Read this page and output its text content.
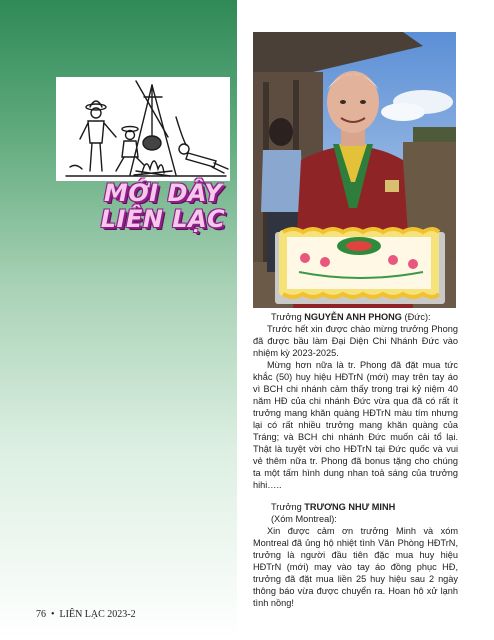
MỚI DÂY
LIÊN LẠC

Trưởng NGUYỄN ANH PHONG (Đức):

Trước hết xin được chào mừng trưởng Phong đã được bầu làm Đại Diện Chi Nhánh Đức vào nhiệm kỳ 2023-2025.

Mừng hơn nữa là tr. Phong đã đặt mua tức khắc (50) huy hiệu HĐTrN (mới) may trên tay áo vì BCH chi nhánh cảm thấy trong trại kỷ niệm 40 năm HĐ của chi nhánh Đức vừa qua đã có rất ít trưởng mang khăn quàng HĐTrN màu tím nhưng lại có rất nhiều trưởng mang khăn quàng của Tráng; và BCH chi nhánh Đức muốn cải tổ lại. Thật là tuyệt vời cho HĐTrN tại Đức quốc và vui vẻ thêm nữa tr. Phong đã bonus tặng cho chúng ta một tấm hình dung nhan toả sáng của trưởng hihi…..

Trưởng TRƯƠNG NHƯ MINH

(Xóm Montreal):

Xin được cảm ơn trưởng Minh và xóm Montreal đã ủng hộ nhiệt tình Văn Phòng HĐTrN, trưởng là người đầu tiên đặc mua huy hiệu HĐTrN (mới) may vào tay áo đồng phục HĐ, trưởng đã đặt mua liền 25 huy hiệu sau 2 ngày thông báo vừa được chuyển ra. Hoan hô xử lạnh tình nồng!

76 • LIÊN LẠC 2023-2
